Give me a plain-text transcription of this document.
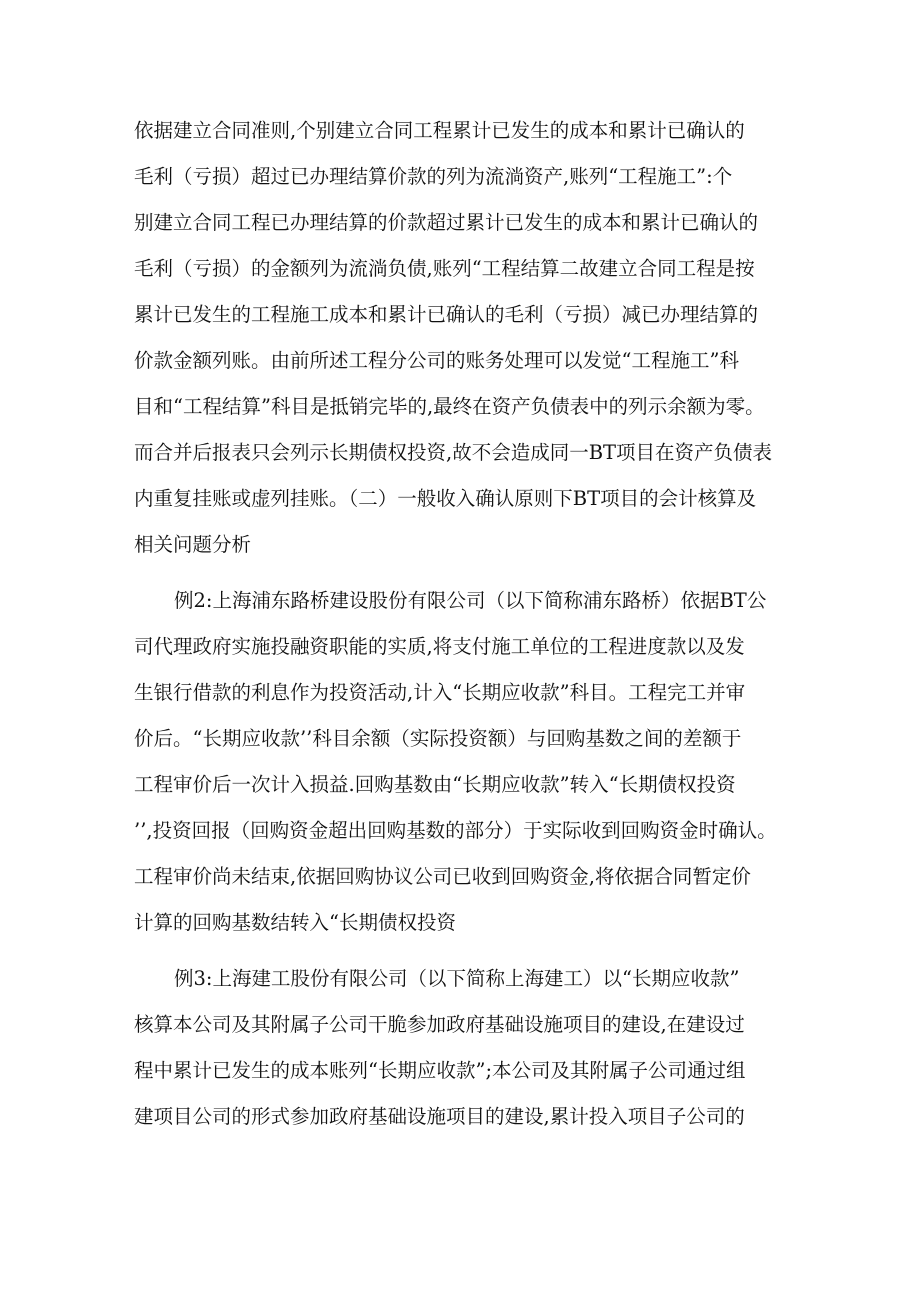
依据建立合同准则,个别建立合同工程累计已发生的成本和累计已确认的
毛利（亏损）超过已办理结算价款的列为流淌资产,账列“工程施工”:个
别建立合同工程已办理结算的价款超过累计已发生的成本和累计已确认的
毛利（亏损）的金额列为流淌负债,账列“工程结算二故建立合同工程是按
累计已发生的工程施工成本和累计已确认的毛利（亏损）减已办理结算的
价款金额列账。由前所述工程分公司的账务处理可以发觉“工程施工”科
目和“工程结算”科目是抵销完毕的,最终在资产负债表中的列示余额为零。
而合并后报表只会列示长期债权投资,故不会造成同一BT项目在资产负债表
内重复挂账或虚列挂账。（二）一般收入确认原则下BT项目的会计核算及
相关问题分析
例2:上海浦东路桥建设股份有限公司（以下简称浦东路桥）依据BT公
司代理政府实施投融资职能的实质,将支付施工单位的工程进度款以及发
生银行借款的利息作为投资活动,计入“长期应收款”科目。工程完工并审
价后。“长期应收款’’科目余额（实际投资额）与回购基数之间的差额于
工程审价后一次计入损益.回购基数由“长期应收款”转入“长期债权投资
’’,投资回报（回购资金超出回购基数的部分）于实际收到回购资金时确认。
工程审价尚未结束,依据回购协议公司已收到回购资金,将依据合同暂定价
计算的回购基数结转入“长期债权投资
例3:上海建工股份有限公司（以下简称上海建工）以“长期应收款”
核算本公司及其附属子公司干脆参加政府基础设施项目的建设,在建设过
程中累计已发生的成本账列“长期应收款”;本公司及其附属子公司通过组
建项目公司的形式参加政府基础设施项目的建设,累计投入项目子公司的
